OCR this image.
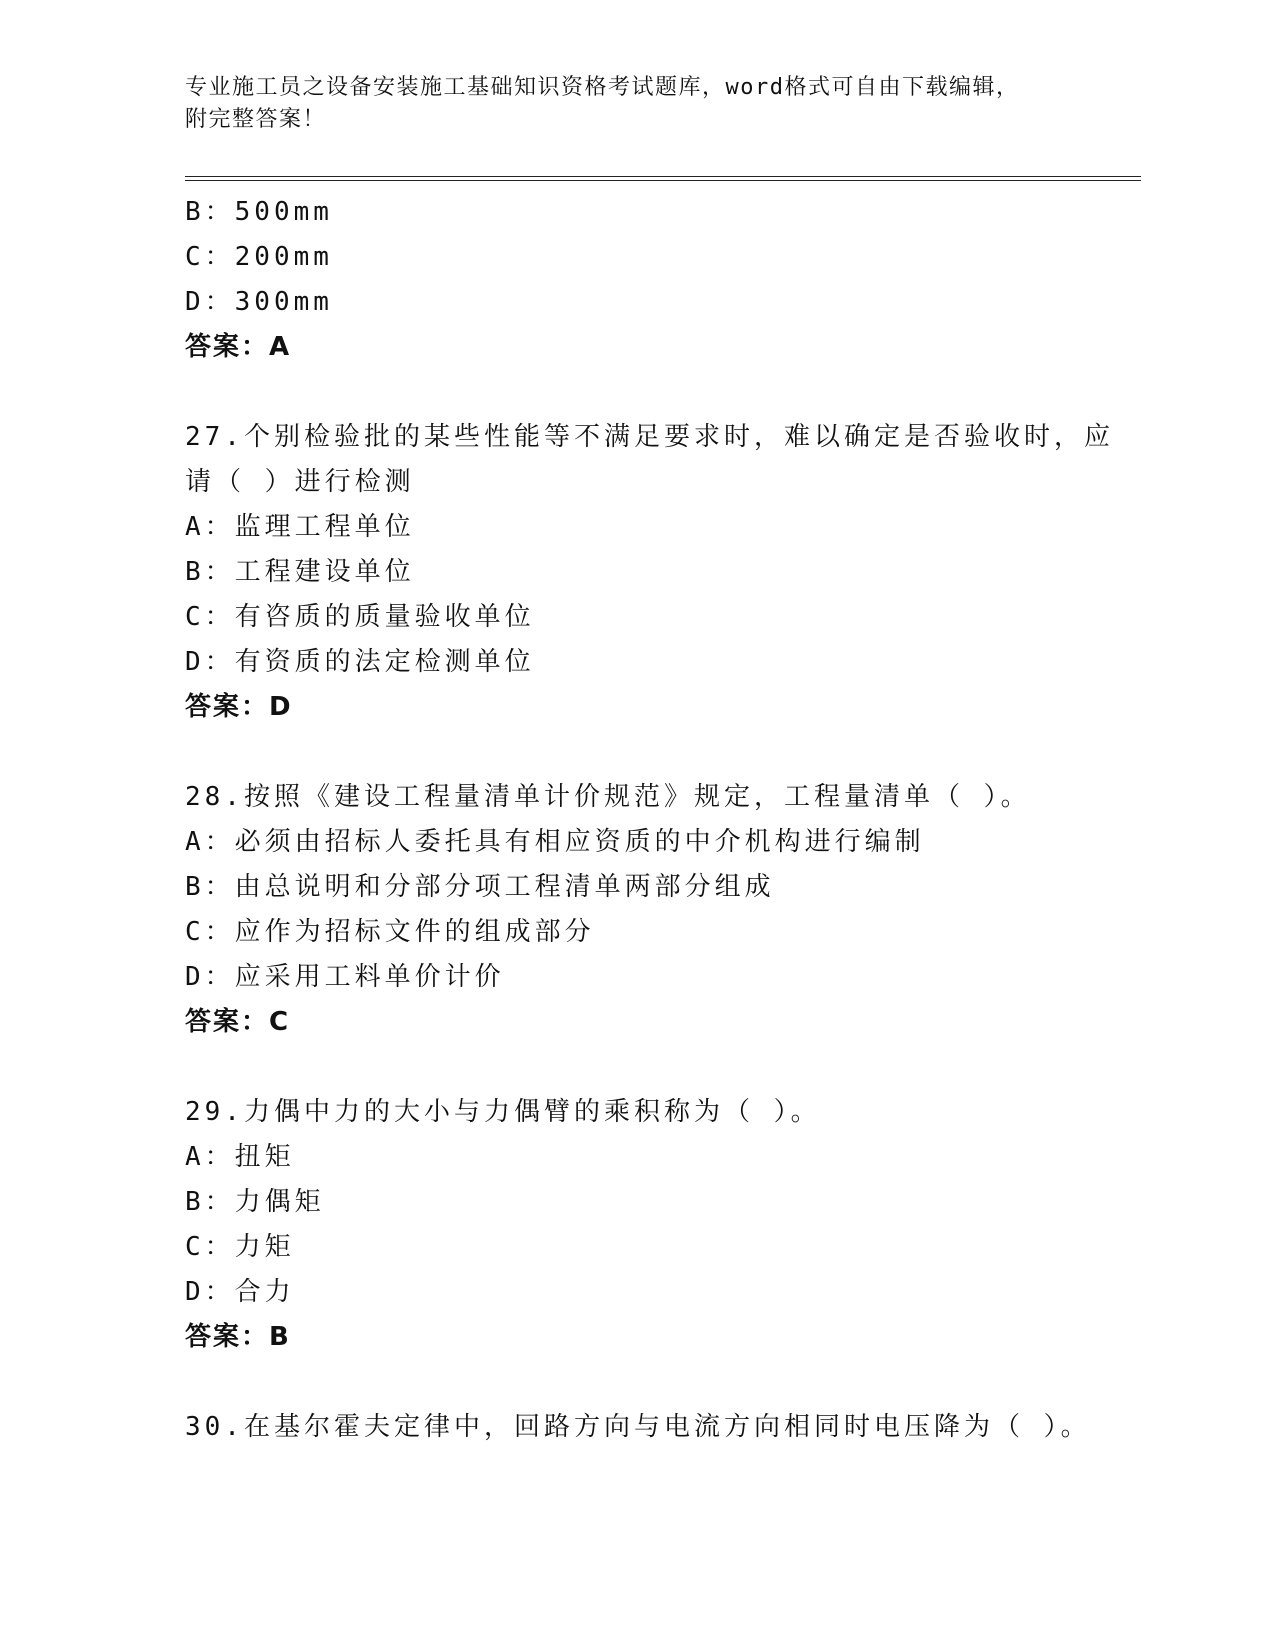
专业施工员之设备安装施工基础知识资格考试题库，word格式可自由下载编辑，
附完整答案！
B：500mm
C：200mm
D：300mm
答案：A
27.个别检验批的某些性能等不满足要求时，难以确定是否验收时，应
请（ ）进行检测
A：监理工程单位
B：工程建设单位
C：有咨质的质量验收单位
D：有资质的法定检测单位
答案：D
28.按照《建设工程量清单计价规范》规定，工程量清单（ ）。
A：必须由招标人委托具有相应资质的中介机构进行编制
B：由总说明和分部分项工程清单两部分组成
C：应作为招标文件的组成部分
D：应采用工料单价计价
答案：C
29.力偶中力的大小与力偶臂的乘积称为（ ）。
A：扭矩
B：力偶矩
C：力矩
D：合力
答案：B
30.在基尔霍夫定律中，回路方向与电流方向相同时电压降为（ ）。
